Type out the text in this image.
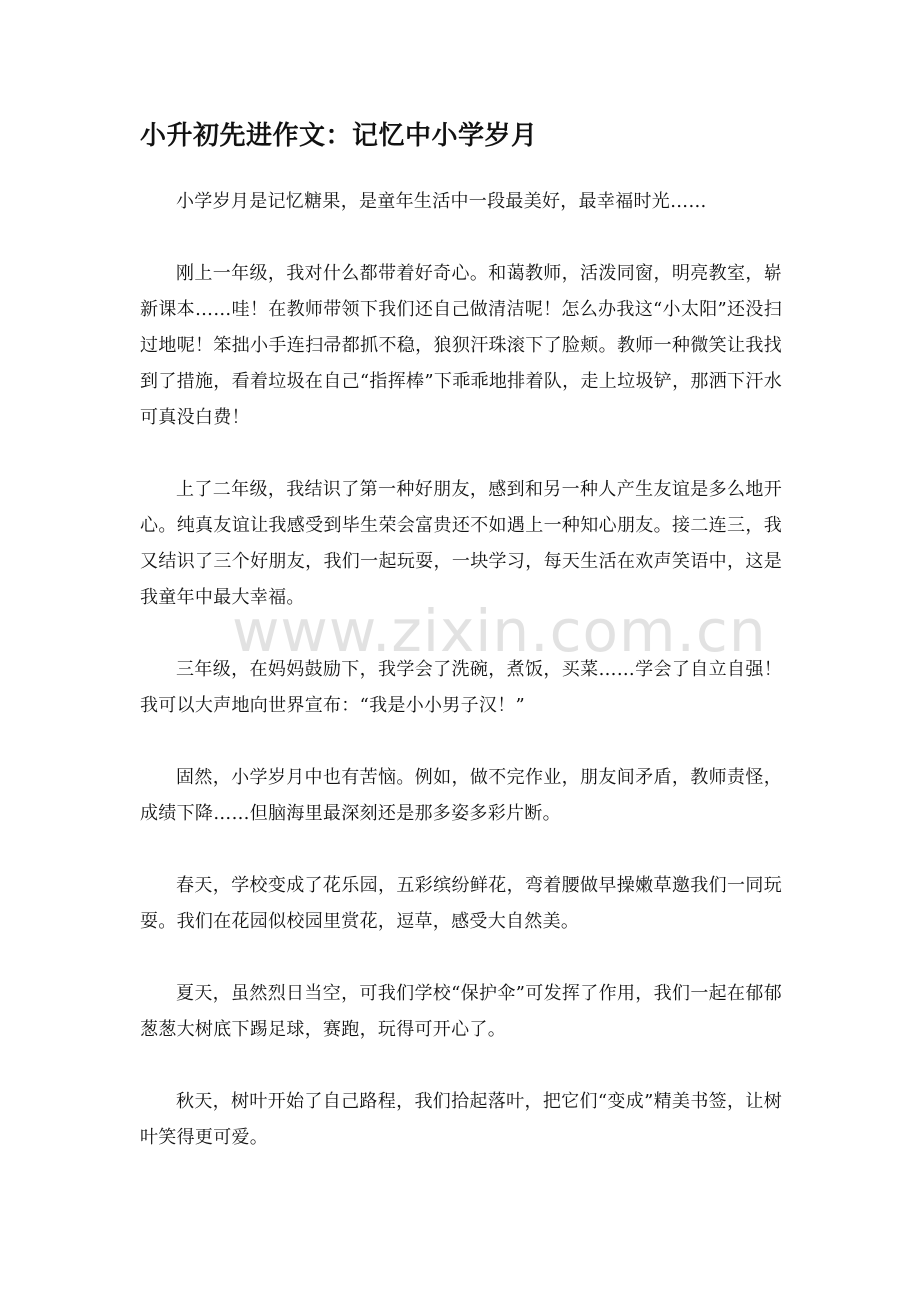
小升初先进作文：记忆中小学岁月

小学岁月是记忆糖果，是童年生活中一段最美好，最幸福时光……

刚上一年级，我对什么都带着好奇心。和蔼教师，活泼同窗，明亮教室，崭新课本……哇！在教师带领下我们还自己做清洁呢！怎么办我这“小太阳”还没扫过地呢！笨拙小手连扫帚都抓不稳，狼狈汗珠滚下了脸颊。教师一种微笑让我找到了措施，看着垃圾在自己“指挥棒”下乖乖地排着队，走上垃圾铲，那洒下汗水可真没白费！

上了二年级，我结识了第一种好朋友，感到和另一种人产生友谊是多么地开心。纯真友谊让我感受到毕生荣会富贵还不如遇上一种知心朋友。接二连三，我又结识了三个好朋友，我们一起玩耍，一块学习，每天生活在欢声笑语中，这是我童年中最大幸福。

三年级，在妈妈鼓励下，我学会了洗碗，煮饭，买菜……学会了自立自强！我可以大声地向世界宣布：“我是小小男子汉！”

固然，小学岁月中也有苦恼。例如，做不完作业，朋友间矛盾，教师责怪，成绩下降……但脑海里最深刻还是那多姿多彩片断。

春天，学校变成了花乐园，五彩缤纷鲜花，弯着腰做早操嫩草邀我们一同玩耍。我们在花园似校园里赏花，逗草，感受大自然美。

夏天，虽然烈日当空，可我们学校“保护伞”可发挥了作用，我们一起在郁郁葱葱大树底下踢足球，赛跑，玩得可开心了。

秋天，树叶开始了自己路程，我们拾起落叶，把它们“变成”精美书签，让树叶笑得更可爱。

www.zixin.com.cn
